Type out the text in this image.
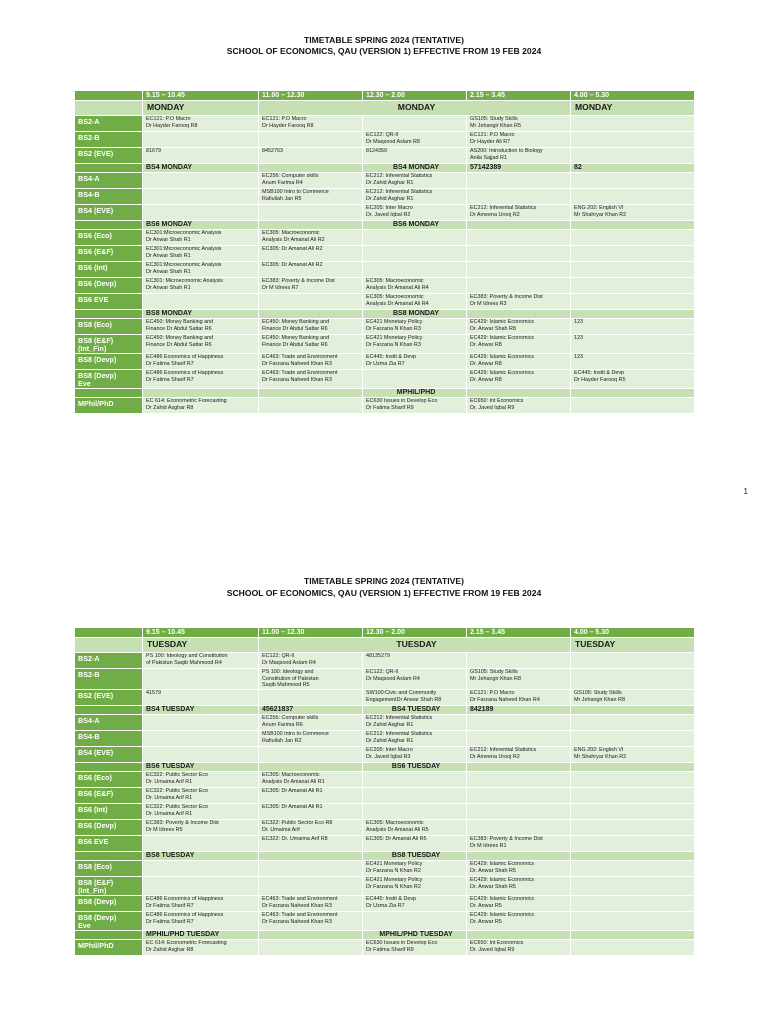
TIMETABLE SPRING 2024 (TENTATIVE)
SCHOOL OF ECONOMICS, QAU (VERSION 1) EFFECTIVE FROM 19 FEB 2024
	9.15 – 10.45	11.00 – 12.30	12.30 – 2.00	2.15 – 3.45	4.00 – 5.30
	MONDAY	MONDAY			MONDAY
BS2-A	EC121: P.O Macro
Dr Hayder Farooq R8	EC121: P.O Macro
Dr Hayder Farooq R8		GS105: Study Skills
Mr Jehangir Khan R5	
BS2-B			EC122: QR-II
Dr Maqsood Aslam R8	EC121: P.O Macro
Dr Hayder Ali R7	
BS2 (EVE)	81679	8452763	8124359	AS200: Introduction to Biology
Anila Sajjad R1	
	BS4 MONDAY		BS4 MONDAY	57142389	82
BS4-A		EC256: Computer skills
Anum Farima R4	EC212: Inferential Statistics
Dr Zahid Asghar R1		
BS4-B		MSB100 Intro to Commerce
Rafiullah Jan R5	EC212: Inferential Statistics
Dr Zahid Asghar R1		
BS4 (EVE)			EC205: Inter Macro
Dr. Javed Iqbal R2	EC212: Inferential Statistics
Dr Ameena Urooj R2	ENG 202: English VI
Mr Shahryar Khan R2
	BS6 MONDAY		BS6 MONDAY		
BS6 (Eco)	EC301:Microeconomic Analysis
Dr Anwar Shah R1	EC305: Macroeconomic
Analysis Dr Amanat Ali R2			
BS6 (E&F)	EC301:Microeconomic Analysis
Dr Anwar Shah R1	EC305: Dr Amanat Ali R2			
BS6 (Int)	EC301:Microeconomic Analysis
Dr Anwar Shah R1	EC305: Dr Amanat Ali R2			
BS6 (Devp)	EC301: Microeconomic Analysis
Dr Anwar Shah R1	EC383: Poverty & Income Dist
Dr M Idrees R7	EC305: Macroeconomic
Analysis Dr Amanat Ali R4		
BS6 EVE			EC305: Macroeconomic
Analysis Dr Amanat Ali R4	EC383: Poverty & Income Dist
Dr M Idrees R3	
	BS8 MONDAY		BS8 MONDAY		
BS8 (Eco)	EC450: Money Banking and
Finance Dr Abdul Sattar R6	EC450: Money Banking and
Finance Dr Abdul Sattar R6	EC421 Monetary Policy
Dr Farzana N Khan R3	EC429: Islamic Economics
Dr. Anwar Shah R8	123
BS8 (E&F)
(Int_Fin)	EC450: Money Banking and
Finance Dr Abdul Sattar R6	EC450: Money Banking and
Finance Dr Abdul Sattar R6	EC421 Monetary Policy
Dr Farzana N Khan R3	EC429: Islamic Economics
Dr. Anwar R8	123
BS8 (Devp)	EC486 Economics of Happiness
Dr Fatima Sharif R7	EC463: Trade and Environment
Dr Farzana Naheed Khan R3	EC445: Instit & Devp
Dr Uzma Zia R7	EC429: Islamic Economics
Dr. Anwar R8	123
BS8 (Devp)
Eve	EC486 Economics of Happiness
Dr Fatima Sharif R7	EC463: Trade and Environment
Dr Farzana Naheed Khan R3		EC429: Islamic Economics
Dr. Anwar R8	EC445: Instit & Devp
Dr Hayder Farooq R5
			MPHIL/PHD		
MPhil/PhD	EC 614: Econometric Forecasting
Dr Zahid Asghar R8		EC630 Issues in Develop Eco
Dr Fatima Sharif R9	EC650: Int Economics
Dr. Javed Iqbal R9	
1
TIMETABLE SPRING 2024 (TENTATIVE)
SCHOOL OF ECONOMICS, QAU (VERSION 1) EFFECTIVE FROM 19 FEB 2024
	9.15 – 10.45	11.00 – 12.30	12.30 – 2.00	2.15 – 3.45	4.00 – 5.30
	TUESDAY	TUESDAY			TUESDAY
BS2-A	PS 100: Ideology and Constitution
of Pakistan Saqib Mahmood R4	EC122: QR-II
Dr Maqsood Aslam R4	48135279		
BS2-B		PS 100: Ideology and
Constitution of Pakistan
Saqib Mahmood R5	EC122: QR-II
Dr Maqsood Aslam R4	GS105: Study Skills
Mr Jehangir Khan R8	
BS2 (EVE)	41579		SW100:Civic and Community
EngagementDr Anwar Shah R8	EC121: P.O Macro
Dr Farzana Naheed Khan R4	GS105: Study Skills
Mr Jehangir Khan R8
	BS4 TUESDAY	45621837	BS4 TUESDAY	842189	
BS4-A		EC256: Computer skills
Anum Farima R6	EC212: Inferential Statistics
Dr Zahid Asghar R1		
BS4-B		MSB100 Intro to Commerce
Rafiullah Jan R2	EC212: Inferential Statistics
Dr Zahid Asghar R1		
BS4 (EVE)			EC205: Inter Macro
Dr. Javed Iqbal R3	EC212: Inferential Statistics
Dr Ameena Urooj R2	ENG 202: English VI
Mr Shahryar Khan R2
	BS6 TUESDAY		BS6 TUESDAY		
BS6 (Eco)	EC322: Public Sector Eco
Dr. Umaima Arif R1	EC305: Macroeconomic
Analysis Dr Amanat Ali R1			
BS6 (E&F)	EC322: Public Sector Eco
Dr. Umaima Arif R1	EC305: Dr Amanat Ali R1			
BS6 (Int)	EC322: Public Sector Eco
Dr. Umaima Arif R1	EC305: Dr Amanat Ali R1			
BS6 (Devp)	EC383: Poverty & Income Dist
Dr M Idrees R5	EC322: Public Sector Eco R8
Dr. Umaima Arif	EC305: Macroeconomic
Analysis Dr Amanat Ali R5		
BS6 EVE		EC322: Dr. Umaima Arif R8	EC305: Dr Amanat Ali R5	EC383: Poverty & Income Dist
Dr M Idrees R1	
	BS8 TUESDAY		BS8 TUESDAY		
BS8 (Eco)			EC421 Monetary Policy
Dr Farzana N Khan R2	EC429: Islamic Economics
Dr. Anwar Shah R5	
BS8 (E&F)
(Int_Fin)			EC421 Monetary Policy
Dr Farzana N Khan R2	EC429: Islamic Economics
Dr. Anwar Shah R5	
BS8 (Devp)	EC486 Economics of Happiness
Dr Fatima Sharif R7	EC463: Trade and Environment
Dr Farzana Naheed Khan R3	EC445: Instit & Devp
Dr Uzma Zia R7	EC429: Islamic Economics
Dr. Anwar R5	
BS8 (Devp)
Eve	EC486 Economics of Happiness
Dr Fatima Sharif R7	EC463: Trade and Environment
Dr Farzana Naheed Khan R3		EC429: Islamic Economics
Dr. Anwar R5	
	MPHIL/PHD TUESDAY		MPHIL/PHD TUESDAY		
MPhil/PhD	EC 614: Econometric Forecasting
Dr Zahid Asghar R8		EC630 Issues in Develop Eco
Dr Fatima Sharif R9	EC650: Int Economics
Dr. Javed Iqbal R9	
